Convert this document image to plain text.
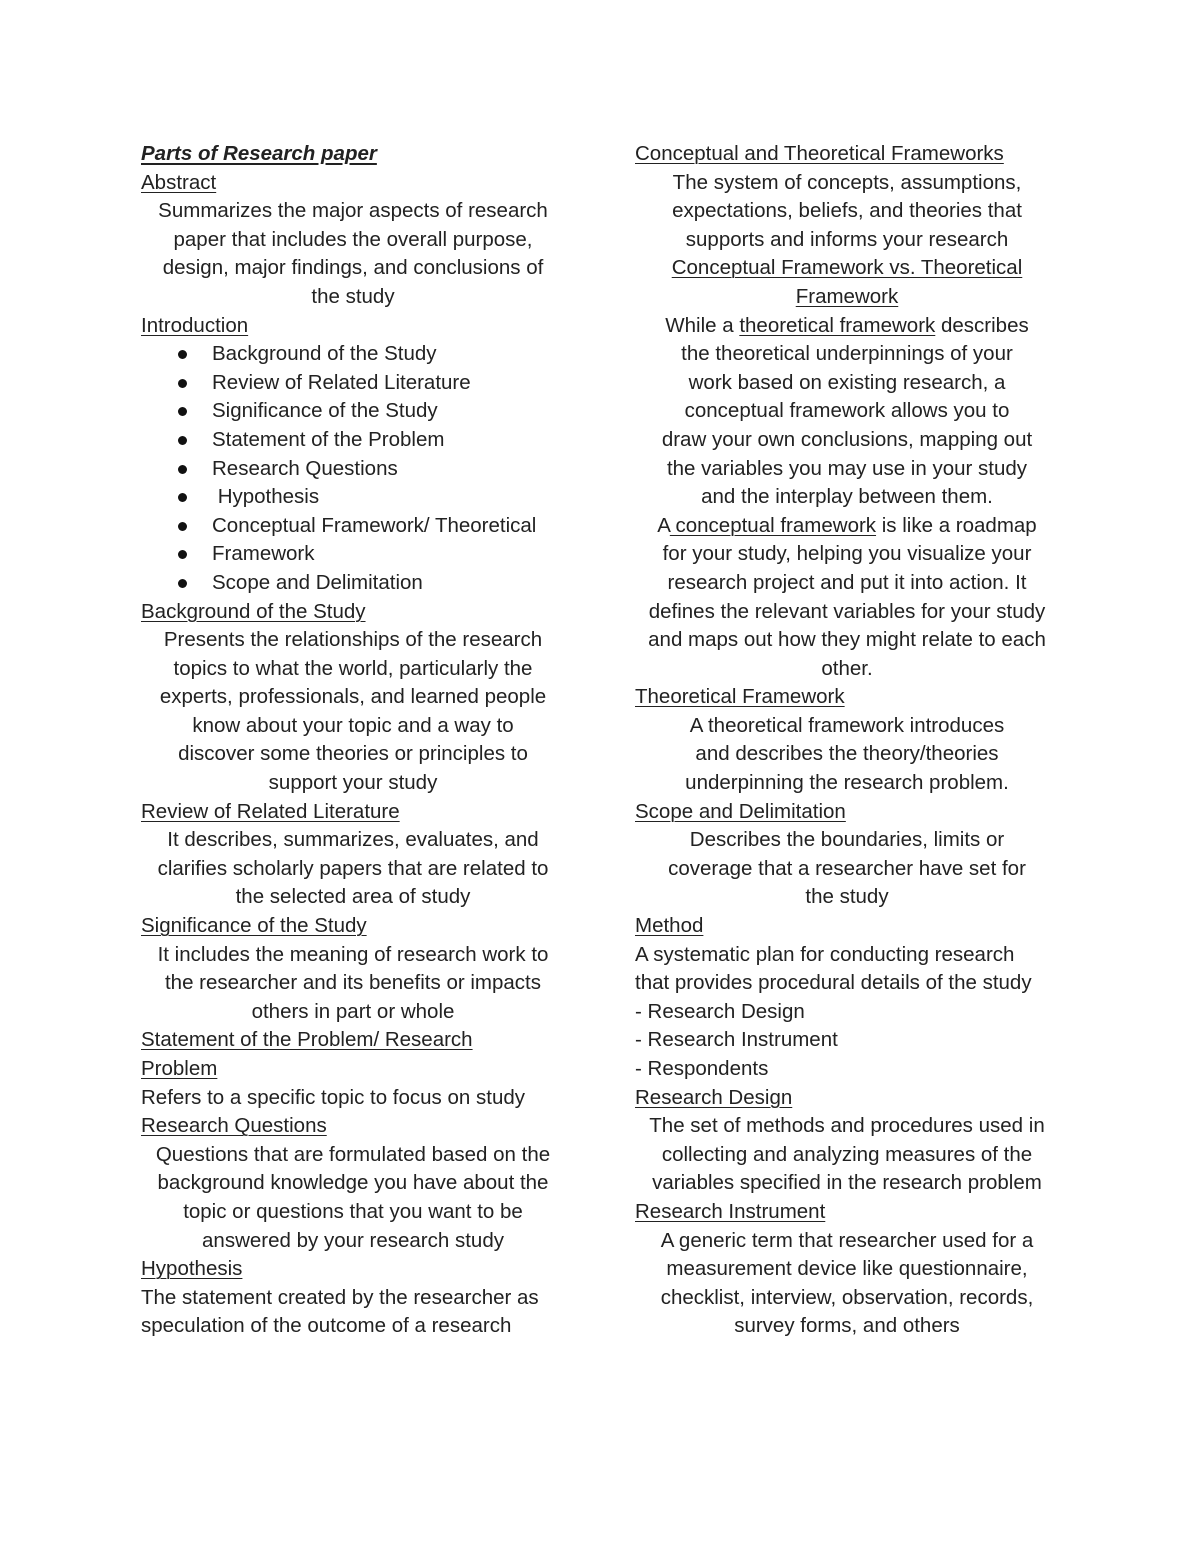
Parts of Research paper
Abstract
Summarizes the major aspects of research
paper that includes the overall purpose,
design, major findings, and conclusions of
the study
Introduction
Background of the Study
Review of Related Literature
Significance of the Study
Statement of the Problem
Research Questions
Hypothesis
Conceptual Framework/ Theoretical
Framework
Scope and Delimitation
Background of the Study
Presents the relationships of the research
topics to what the world, particularly the
experts, professionals, and learned people
know about your topic and a way to
discover some theories or principles to
support your study
Review of Related Literature
It describes, summarizes, evaluates, and
clarifies scholarly papers that are related to
the selected area of study
Significance of the Study
It includes the meaning of research work to
the researcher and its benefits or impacts
others in part or whole
Statement of the Problem/ Research
Problem
Refers to a specific topic to focus on study
Research Questions
Questions that are formulated based on the
background knowledge you have about the
topic or questions that you want to be
answered by your research study
Hypothesis
The statement created by the researcher as
speculation of the outcome of a research
Conceptual and Theoretical Frameworks
The system of concepts, assumptions,
expectations, beliefs, and theories that
supports and informs your research
Conceptual Framework vs. Theoretical
Framework
While a theoretical framework describes
the theoretical underpinnings of your
work based on existing research, a
conceptual framework allows you to
draw your own conclusions, mapping out
the variables you may use in your study
and the interplay between them.
A conceptual framework is like a roadmap
for your study, helping you visualize your
research project and put it into action. It
defines the relevant variables for your study
and maps out how they might relate to each
other.
Theoretical Framework
A theoretical framework introduces
and describes the theory/theories
underpinning the research problem.
Scope and Delimitation
Describes the boundaries, limits or
coverage that a researcher have set for
the study
Method
A systematic plan for conducting research
that provides procedural details of the study
- Research Design
- Research Instrument
- Respondents
Research Design
The set of methods and procedures used in
collecting and analyzing measures of the
variables specified in the research problem
Research Instrument
A generic term that researcher used for a
measurement device like questionnaire,
checklist, interview, observation, records,
survey forms, and others
